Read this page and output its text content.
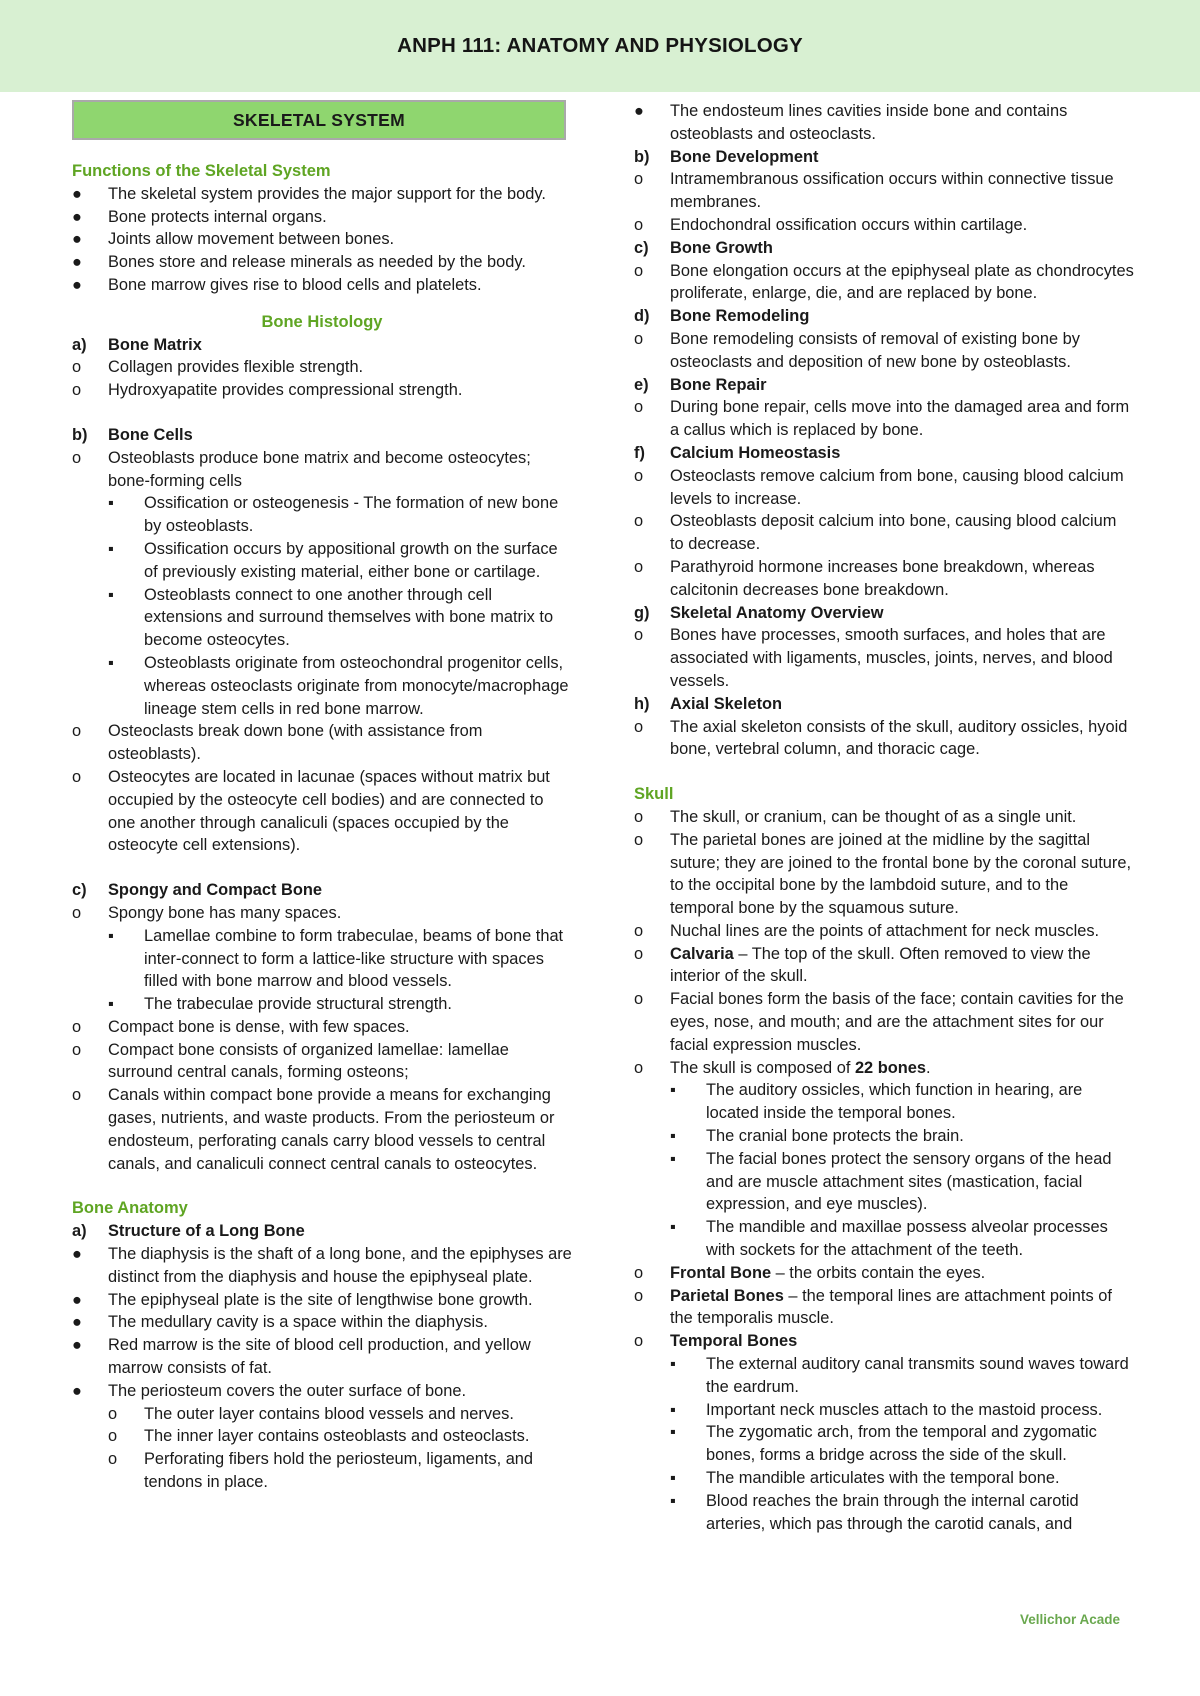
ANPH 111: ANATOMY AND PHYSIOLOGY
SKELETAL SYSTEM
Functions of the Skeletal System
●	The skeletal system provides the major support for the body.
●	Bone protects internal organs.
●	Joints allow movement between bones.
●	Bones store and release minerals as needed by the body.
●	Bone marrow gives rise to blood cells and platelets.
Bone Histology
a)	Bone Matrix
o	Collagen provides flexible strength.
o	Hydroxyapatite provides compressional strength.
b)	Bone Cells
o	Osteoblasts produce bone matrix and become osteocytes; bone-forming cells
▪	Ossification or osteogenesis - The formation of new bone by osteoblasts.
▪	Ossification occurs by appositional growth on the surface of previously existing material, either bone or cartilage.
▪	Osteoblasts connect to one another through cell extensions and surround themselves with bone matrix to become osteocytes.
▪	Osteoblasts originate from osteochondral progenitor cells, whereas osteoclasts originate from monocyte/macrophage lineage stem cells in red bone marrow.
o	Osteoclasts break down bone (with assistance from osteoblasts).
o	Osteocytes are located in lacunae (spaces without matrix but occupied by the osteocyte cell bodies) and are connected to one another through canaliculi (spaces occupied by the osteocyte cell extensions).
c)	Spongy and Compact Bone
o	Spongy bone has many spaces.
▪	Lamellae combine to form trabeculae, beams of bone that inter-connect to form a lattice-like structure with spaces filled with bone marrow and blood vessels.
▪	The trabeculae provide structural strength.
o	Compact bone is dense, with few spaces.
o	Compact bone consists of organized lamellae: lamellae surround central canals, forming osteons;
o	Canals within compact bone provide a means for exchanging gases, nutrients, and waste products. From the periosteum or endosteum, perforating canals carry blood vessels to central canals, and canaliculi connect central canals to osteocytes.
Bone Anatomy
a)	Structure of a Long Bone
●	The diaphysis is the shaft of a long bone, and the epiphyses are distinct from the diaphysis and house the epiphyseal plate.
●	The epiphyseal plate is the site of lengthwise bone growth.
●	The medullary cavity is a space within the diaphysis.
●	Red marrow is the site of blood cell production, and yellow marrow consists of fat.
●	The periosteum covers the outer surface of bone.
o	The outer layer contains blood vessels and nerves.
o	The inner layer contains osteoblasts and osteoclasts.
o	Perforating fibers hold the periosteum, ligaments, and tendons in place.
●	The endosteum lines cavities inside bone and contains osteoblasts and osteoclasts.
b)	Bone Development
o	Intramembranous ossification occurs within connective tissue membranes.
o	Endochondral ossification occurs within cartilage.
c)	Bone Growth
o	Bone elongation occurs at the epiphyseal plate as chondrocytes proliferate, enlarge, die, and are replaced by bone.
d)	Bone Remodeling
o	Bone remodeling consists of removal of existing bone by osteoclasts and deposition of new bone by osteoblasts.
e)	Bone Repair
o	During bone repair, cells move into the damaged area and form a callus which is replaced by bone.
f)	Calcium Homeostasis
o	Osteoclasts remove calcium from bone, causing blood calcium levels to increase.
o	Osteoblasts deposit calcium into bone, causing blood calcium to decrease.
o	Parathyroid hormone increases bone breakdown, whereas calcitonin decreases bone breakdown.
g)	Skeletal Anatomy Overview
o	Bones have processes, smooth surfaces, and holes that are associated with ligaments, muscles, joints, nerves, and blood vessels.
h)	Axial Skeleton
o	The axial skeleton consists of the skull, auditory ossicles, hyoid bone, vertebral column, and thoracic cage.
Skull
o	The skull, or cranium, can be thought of as a single unit.
o	The parietal bones are joined at the midline by the sagittal suture; they are joined to the frontal bone by the coronal suture, to the occipital bone by the lambdoid suture, and to the temporal bone by the squamous suture.
o	Nuchal lines are the points of attachment for neck muscles.
o	Calvaria – The top of the skull. Often removed to view the interior of the skull.
o	Facial bones form the basis of the face; contain cavities for the eyes, nose, and mouth; and are the attachment sites for our facial expression muscles.
o	The skull is composed of 22 bones.
▪	The auditory ossicles, which function in hearing, are located inside the temporal bones.
▪	The cranial bone protects the brain.
▪	The facial bones protect the sensory organs of the head and are muscle attachment sites (mastication, facial expression, and eye muscles).
▪	The mandible and maxillae possess alveolar processes with sockets for the attachment of the teeth.
o	Frontal Bone – the orbits contain the eyes.
o	Parietal Bones – the temporal lines are attachment points of the temporalis muscle.
o	Temporal Bones
▪	The external auditory canal transmits sound waves toward the eardrum.
▪	Important neck muscles attach to the mastoid process.
▪	The zygomatic arch, from the temporal and zygomatic bones, forms a bridge across the side of the skull.
▪	The mandible articulates with the temporal bone.
▪	Blood reaches the brain through the internal carotid arteries, which pas through the carotid canals, and
Vellichor Acade
